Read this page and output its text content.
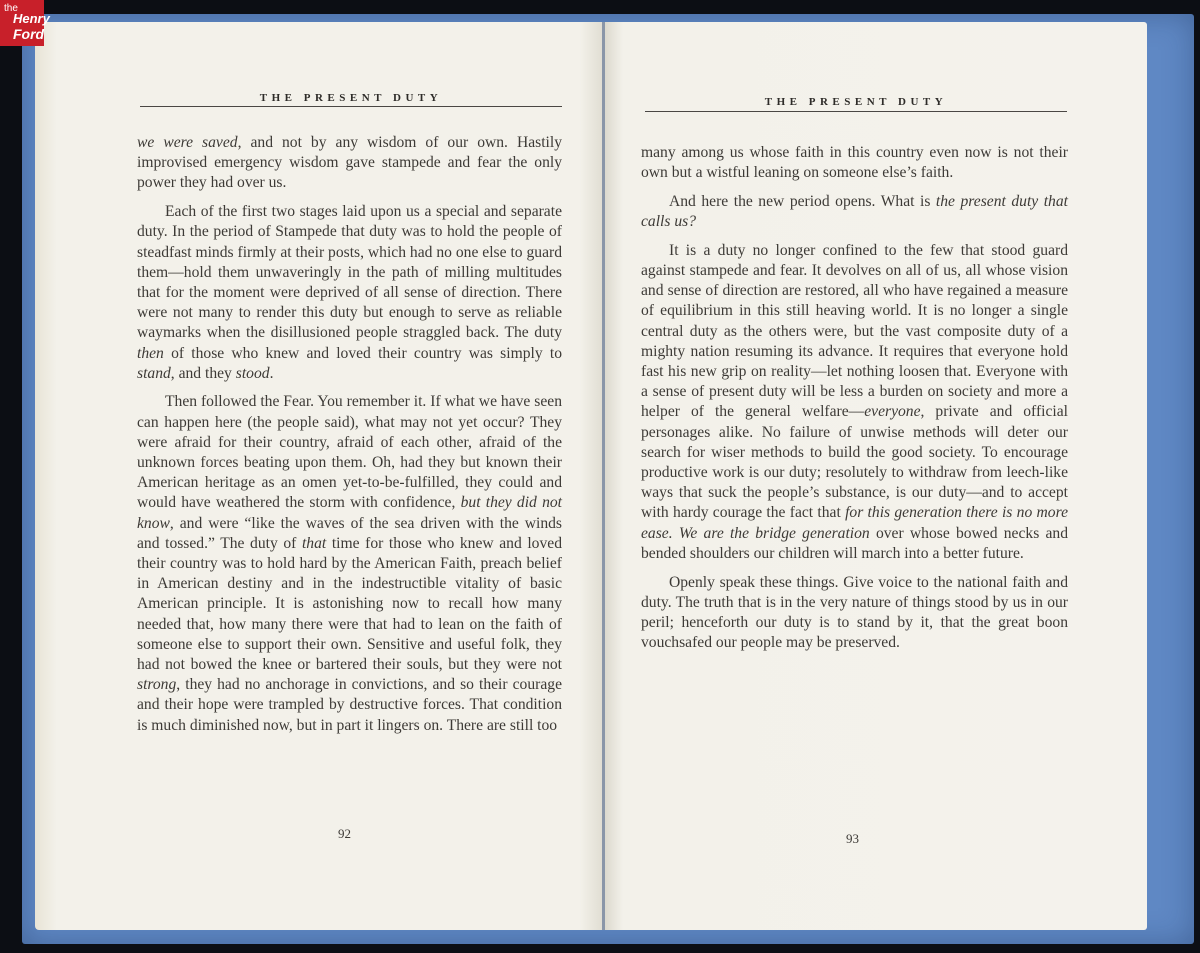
the
Henry
Ford
THE PRESENT DUTY

we were saved, and not by any wisdom of our own. Hastily improvised emergency wisdom gave stampede and fear the only power they had over us.

Each of the first two stages laid upon us a special and separate duty. In the period of Stampede that duty was to hold the people of steadfast minds firmly at their posts, which had no one else to guard them—hold them unwaveringly in the path of milling multitudes that for the moment were deprived of all sense of direction. There were not many to render this duty but enough to serve as reliable waymarks when the disillusioned people straggled back. The duty then of those who knew and loved their country was simply to stand, and they stood.

Then followed the Fear. You remember it. If what we have seen can happen here (the people said), what may not yet occur? They were afraid for their country, afraid of each other, afraid of the unknown forces beating upon them. Oh, had they but known their American heritage as an omen yet-to-be-fulfilled, they could and would have weathered the storm with confidence, but they did not know, and were “like the waves of the sea driven with the winds and tossed.” The duty of that time for those who knew and loved their country was to hold hard by the American Faith, preach belief in American destiny and in the indestructible vitality of basic American principle. It is astonishing now to recall how many needed that, how many there were that had to lean on the faith of someone else to support their own. Sensitive and useful folk, they had not bowed the knee or bartered their souls, but they were not strong, they had no anchorage in convictions, and so their courage and their hope were trampled by destructive forces. That condition is much diminished now, but in part it lingers on. There are still too

92
THE PRESENT DUTY

many among us whose faith in this country even now is not their own but a wistful leaning on someone else’s faith.

And here the new period opens. What is the present duty that calls us?

It is a duty no longer confined to the few that stood guard against stampede and fear. It devolves on all of us, all whose vision and sense of direction are restored, all who have regained a measure of equilibrium in this still heaving world. It is no longer a single central duty as the others were, but the vast composite duty of a mighty nation resuming its advance. It requires that everyone hold fast his new grip on reality—let nothing loosen that. Everyone with a sense of present duty will be less a burden on society and more a helper of the general welfare—everyone, private and official personages alike. No failure of unwise methods will deter our search for wiser methods to build the good society. To encourage productive work is our duty; resolutely to withdraw from leech-like ways that suck the people’s substance, is our duty—and to accept with hardy courage the fact that for this generation there is no more ease. We are the bridge generation over whose bowed necks and bended shoulders our children will march into a better future.

Openly speak these things. Give voice to the national faith and duty. The truth that is in the very nature of things stood by us in our peril; henceforth our duty is to stand by it, that the great boon vouchsafed our people may be preserved.

93
